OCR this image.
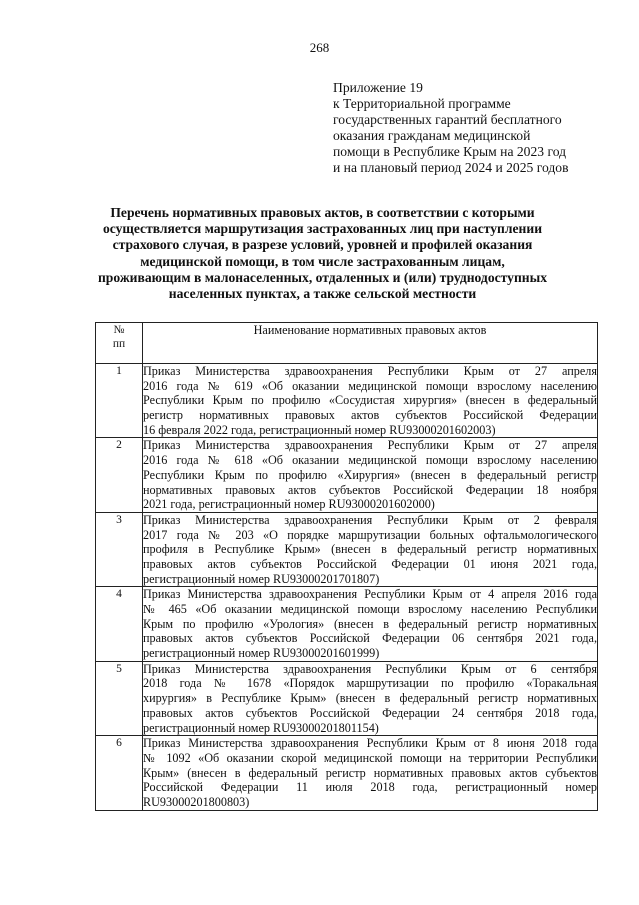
268
Приложение 19
к Территориальной программе
государственных гарантий бесплатного
оказания гражданам медицинской
помощи в Республике Крым на 2023 год
и на плановый период 2024 и 2025 годов
Перечень нормативных правовых актов, в соответствии с которыми
осуществляется маршрутизация застрахованных лиц при наступлении
страхового случая, в разрезе условий, уровней и профилей оказания
медицинской помощи, в том числе застрахованным лицам,
проживающим в малонаселенных, отдаленных и (или) труднодоступных
населенных пунктах, а также сельской местности
№
пп	Наименование нормативных правовых актов
1	Приказ Министерства здравоохранения Республики Крым от 27 апреля
2016 года № 619 «Об оказании медицинской помощи взрослому населению
Республики Крым по профилю «Сосудистая хирургия» (внесен в федеральный
регистр нормативных правовых актов субъектов Российской Федерации
16 февраля 2022 года, регистрационный номер RU93000201602003)

2	Приказ Министерства здравоохранения Республики Крым от 27 апреля
2016 года № 618 «Об оказании медицинской помощи взрослому населению
Республики Крым по профилю «Хирургия» (внесен в федеральный регистр
нормативных правовых актов субъектов Российской Федерации 18 ноября
2021 года, регистрационный номер RU93000201602000)

3	Приказ Министерства здравоохранения Республики Крым от 2 февраля
2017 года № 203 «О порядке маршрутизации больных офтальмологического
профиля в Республике Крым» (внесен в федеральный регистр нормативных
правовых актов субъектов Российской Федерации 01 июня 2021 года,
регистрационный номер RU93000201701807)

4	Приказ Министерства здравоохранения Республики Крым от 4 апреля 2016 года
№ 465 «Об оказании медицинской помощи взрослому населению Республики
Крым по профилю «Урология» (внесен в федеральный регистр нормативных
правовых актов субъектов Российской Федерации 06 сентября 2021 года,
регистрационный номер RU93000201601999)

5	Приказ Министерства здравоохранения Республики Крым от 6 сентября
2018 года № 1678 «Порядок маршрутизации по профилю «Торакальная
хирургия» в Республике Крым» (внесен в федеральный регистр нормативных
правовых актов субъектов Российской Федерации 24 сентября 2018 года,
регистрационный номер RU93000201801154)

6	Приказ Министерства здравоохранения Республики Крым от 8 июня 2018 года
№ 1092 «Об оказании скорой медицинской помощи на территории Республики
Крым» (внесен в федеральный регистр нормативных правовых актов субъектов
Российской Федерации 11 июля 2018 года, регистрационный номер
RU93000201800803)
